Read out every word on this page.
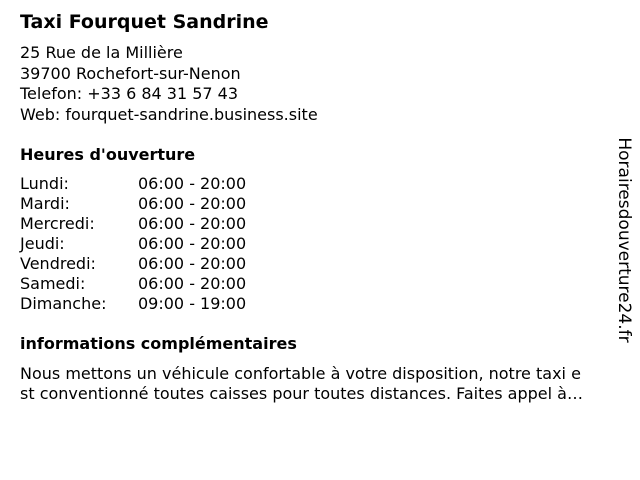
Taxi Fourquet Sandrine
25 Rue de la Millière
39700 Rochefort-sur-Nenon
Telefon: +33 6 84 31 57 43
Web: fourquet-sandrine.business.site
Heures d'ouverture
Lundi:	06:00 - 20:00
Mardi:	06:00 - 20:00
Mercredi:	06:00 - 20:00
Jeudi:	06:00 - 20:00
Vendredi:	06:00 - 20:00
Samedi:	06:00 - 20:00
Dimanche: 09:00 - 19:00
informations complémentaires
Nous mettons un véhicule confortable à votre disposition, notre taxi e
st conventionné toutes caisses pour toutes distances. Faites appel à…
Horairesdouverture24.fr
